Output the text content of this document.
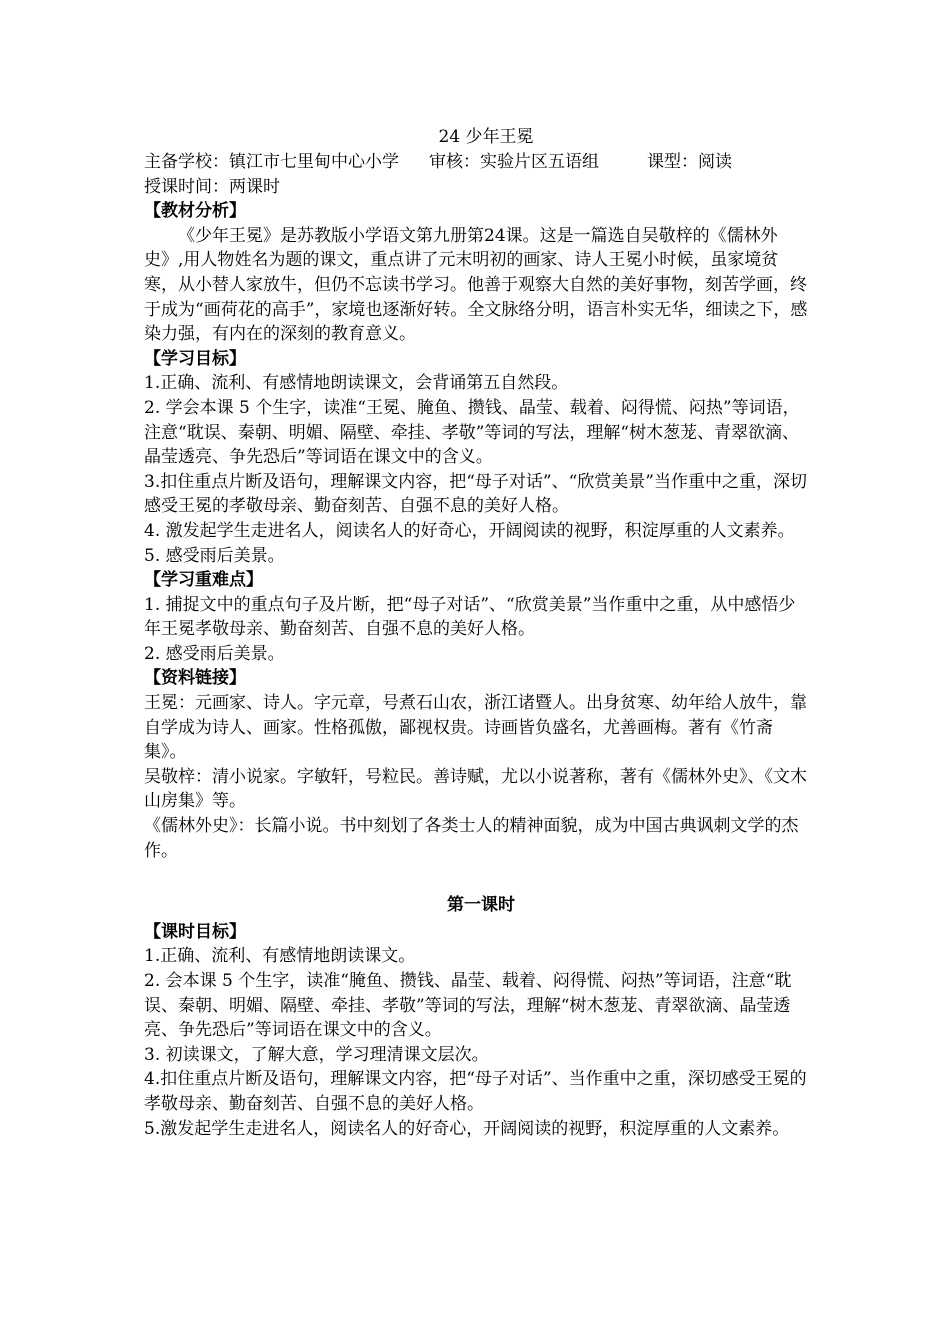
24 少年王冕
主备学校：镇江市七里甸中心小学 审核：实验片区五语组	课型：阅读

授课时间：两课时

【教材分析】

《少年王冕》是苏教版小学语文第九册第24课。这是一篇选自吴敬梓的《儒林外史》,用人物姓名为题的课文，重点讲了元末明初的画家、诗人王冕小时候，虽家境贫寒，从小替人家放牛，但仍不忘读书学习。他善于观察大自然的美好事物，刻苦学画，终于成为“画荷花的高手”，家境也逐渐好转。全文脉络分明，语言朴实无华，细读之下，感染力强，有内在的深刻的教育意义。

【学习目标】

1.正确、流利、有感情地朗读课文，会背诵第五自然段。

2. 学会本课 5 个生字，读准“王冕、腌鱼、攒钱、晶莹、载着、闷得慌、闷热”等词语，注意“耽误、秦朝、明媚、隔壁、牵挂、孝敬”等词的写法，理解“树木葱茏、青翠欲滴、晶莹透亮、争先恐后”等词语在课文中的含义。

3.扣住重点片断及语句，理解课文内容，把“母子对话”、“欣赏美景”当作重中之重，深切感受王冕的孝敬母亲、勤奋刻苦、自强不息的美好人格。

4. 激发起学生走进名人，阅读名人的好奇心，开阔阅读的视野，积淀厚重的人文素养。

5. 感受雨后美景。

【学习重难点】

1. 捕捉文中的重点句子及片断，把“母子对话”、“欣赏美景”当作重中之重，从中感悟少年王冕孝敬母亲、勤奋刻苦、自强不息的美好人格。

2. 感受雨后美景。

【资料链接】

王冕：元画家、诗人。字元章，号煮石山农，浙江诸暨人。出身贫寒、幼年给人放牛，靠自学成为诗人、画家。性格孤傲，鄙视权贵。诗画皆负盛名，尤善画梅。著有《竹斋集》。

吴敬梓：清小说家。字敏轩，号粒民。善诗赋，尤以小说著称，著有《儒林外史》、《文木山房集》等。

《儒林外史》：长篇小说。书中刻划了各类士人的精神面貌，成为中国古典讽刺文学的杰作。

第一课时

【课时目标】

1.正确、流利、有感情地朗读课文。

2. 会本课 5 个生字，读准“腌鱼、攒钱、晶莹、载着、闷得慌、闷热”等词语，注意“耽误、秦朝、明媚、隔壁、牵挂、孝敬”等词的写法，理解“树木葱茏、青翠欲滴、晶莹透亮、争先恐后”等词语在课文中的含义。

3. 初读课文，了解大意，学习理清课文层次。

4.扣住重点片断及语句，理解课文内容，把“母子对话”、当作重中之重，深切感受王冕的孝敬母亲、勤奋刻苦、自强不息的美好人格。

5.激发起学生走进名人，阅读名人的好奇心，开阔阅读的视野，积淀厚重的人文素养。
